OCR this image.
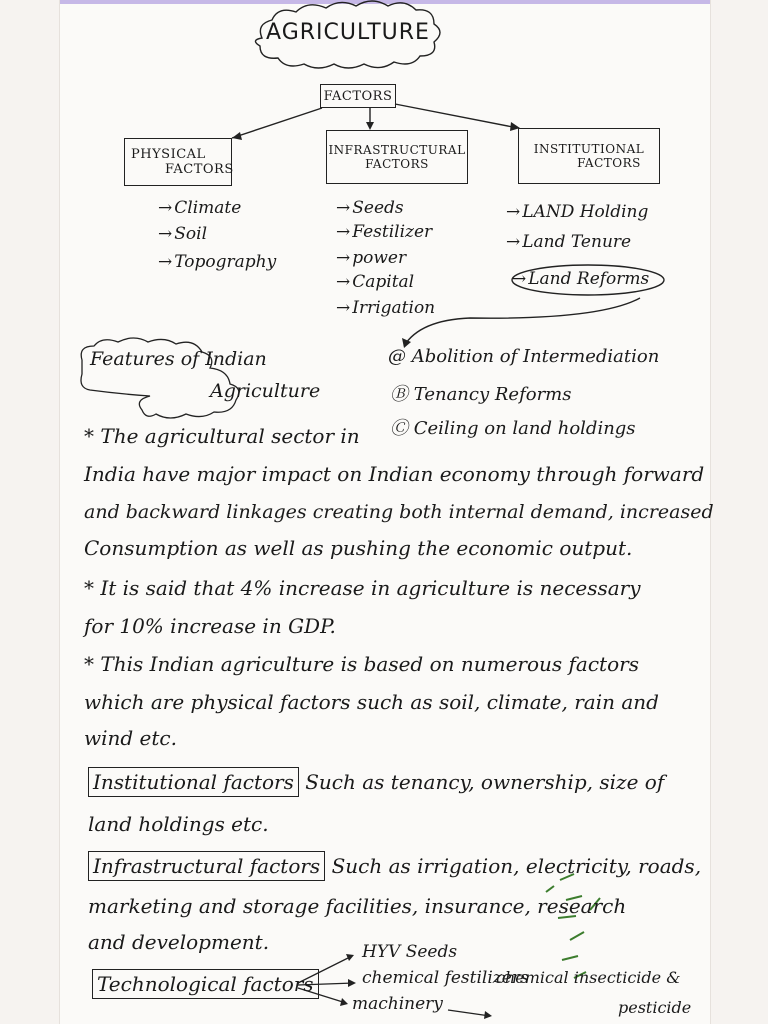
AGRICULTURE
FACTORS
PHYSICAL
FACTORS
INFRASTRUCTURAL
FACTORS
INSTITUTIONAL
FACTORS
→ Climate
→ Soil
→ Topography
→ Seeds
→ Festilizer
→ power
→ Capital
→ Irrigation
→ LAND Holding
→ Land Tenure
→ Land Reforms
@ Abolition of Intermediation
Ⓑ Tenancy Reforms
Ⓒ Ceiling on land holdings
Features of Indian
Agriculture
* The agricultural sector in
India have major impact on Indian economy through forward
and backward linkages creating both internal demand, increased
Consumption as well as pushing the economic output.
* It is said that 4% increase in agriculture is necessary
for 10% increase in GDP.
* This Indian agriculture is based on numerous factors
which are physical factors such as soil, climate, rain and
wind etc.
Institutional factors Such as tenancy, ownership, size of
land holdings etc.
Infrastructural factors Such as irrigation, electricity, roads,
marketing and storage facilities, insurance, research
and development.
Technological factors
HYV Seeds
chemical festilizers
machinery
chemical insecticide &
pesticide
